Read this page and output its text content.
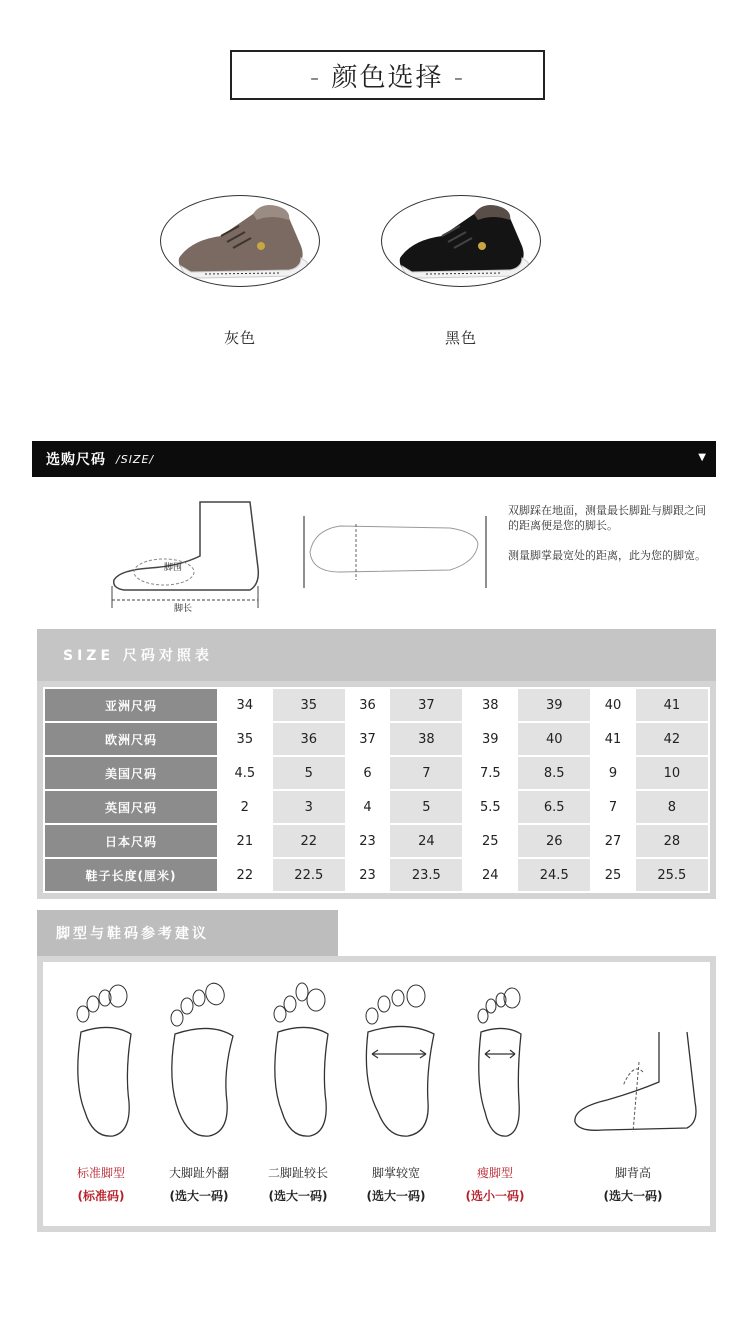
- 颜色选择 -
灰色	黑色
选购尺码 /SIZE/	▼
脚围
脚长
双脚踩在地面，测量最长脚趾与脚跟之间的距离便是您的脚长。
测量脚掌最宽处的距离，此为您的脚宽。
SIZE 尺码对照表
亚洲尺码	34	35	36	37	38	39	40	41
欧洲尺码	35	36	37	38	39	40	41	42
美国尺码	4.5	5	6	7	7.5	8.5	9	10
英国尺码	2	3	4	5	5.5	6.5	7	8
日本尺码	21	22	23	24	25	26	27	28
鞋子长度(厘米)	22	22.5	23	23.5	24	24.5	25	25.5
脚型与鞋码参考建议
标准脚型
(标准码)
大脚趾外翻
(选大一码)
二脚趾较长
(选大一码)
脚掌较宽
(选大一码)
瘦脚型
(选小一码)
脚背高
(选大一码)
